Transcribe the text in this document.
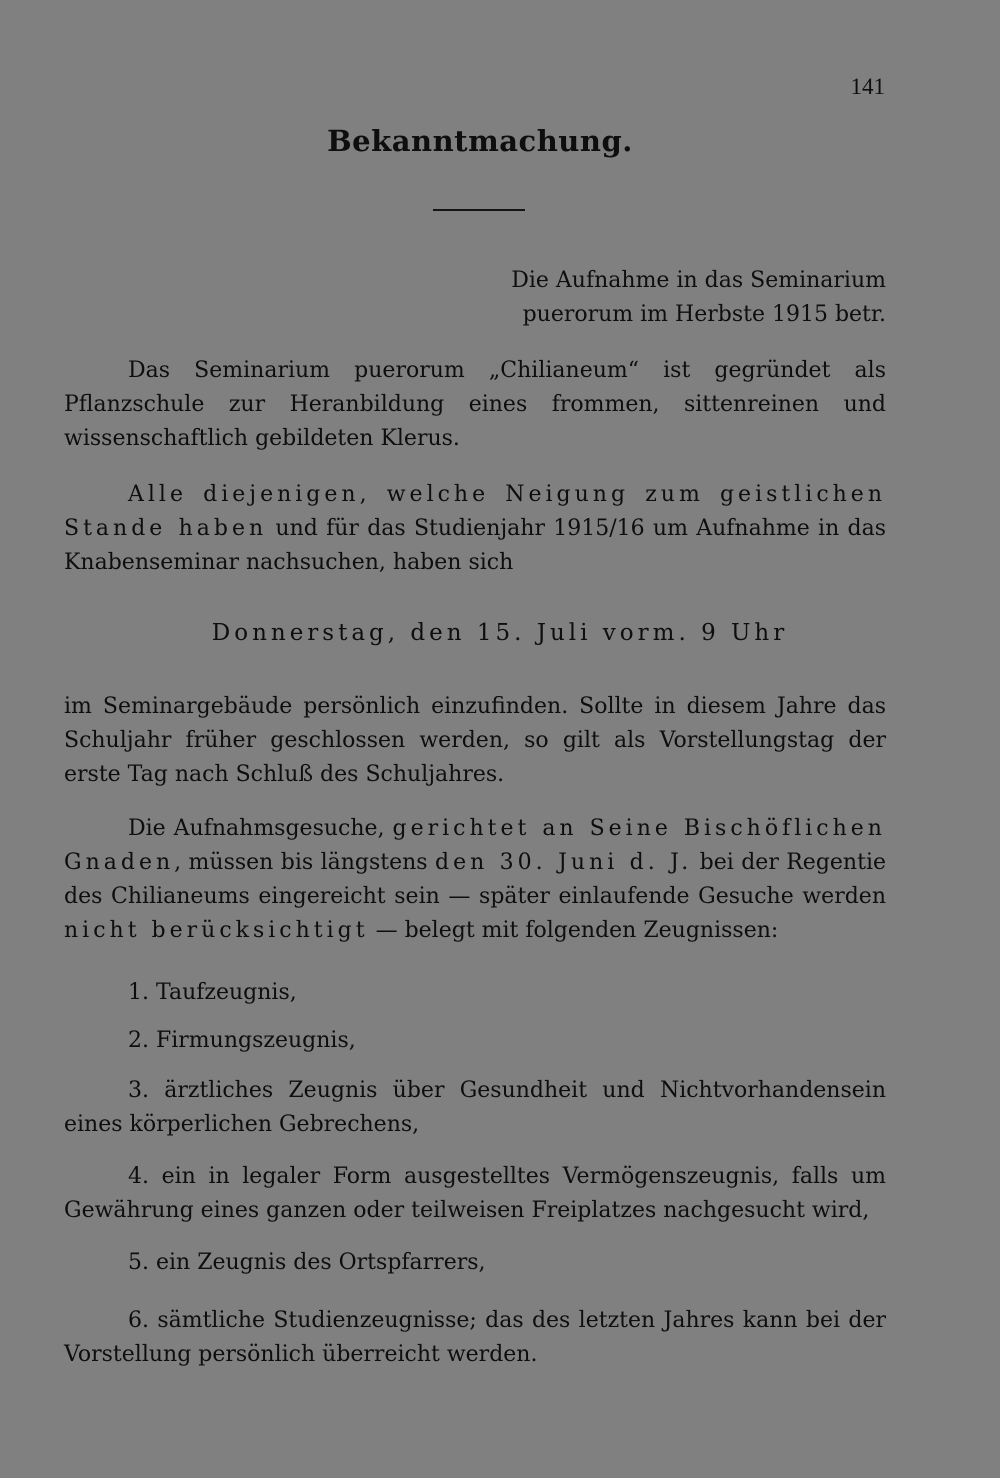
141
Bekanntmachung.
Die Aufnahme in das Seminarium
puerorum im Herbste 1915 betr.
Das Seminarium puerorum „Chilianeum“ ist gegründet als Pflanzschule zur Heranbildung eines frommen, sittenreinen und wissenschaftlich gebildeten Klerus.
Alle diejenigen, welche Neigung zum geistlichen Stande haben und für das Studienjahr 1915/16 um Aufnahme in das Knabenseminar nachsuchen, haben sich
Donnerstag, den 15. Juli vorm. 9 Uhr
im Seminargebäude persönlich einzufinden. Sollte in diesem Jahre das Schuljahr früher geschlossen werden, so gilt als Vorstellungstag der erste Tag nach Schluß des Schuljahres.
Die Aufnahmsgesuche, gerichtet an Seine Bischöflichen Gnaden, müssen bis längstens den 30. Juni d. J. bei der Regentie des Chilianeums eingereicht sein — später einlaufende Gesuche werden nicht berücksichtigt — belegt mit folgenden Zeugnissen:
1. Taufzeugnis,
2. Firmungszeugnis,
3. ärztliches Zeugnis über Gesundheit und Nichtvorhandensein eines körperlichen Gebrechens,
4. ein in legaler Form ausgestelltes Vermögenszeugnis, falls um Gewährung eines ganzen oder teilweisen Freiplatzes nachgesucht wird,
5. ein Zeugnis des Ortspfarrers,
6. sämtliche Studienzeugnisse; das des letzten Jahres kann bei der Vorstellung persönlich überreicht werden.
